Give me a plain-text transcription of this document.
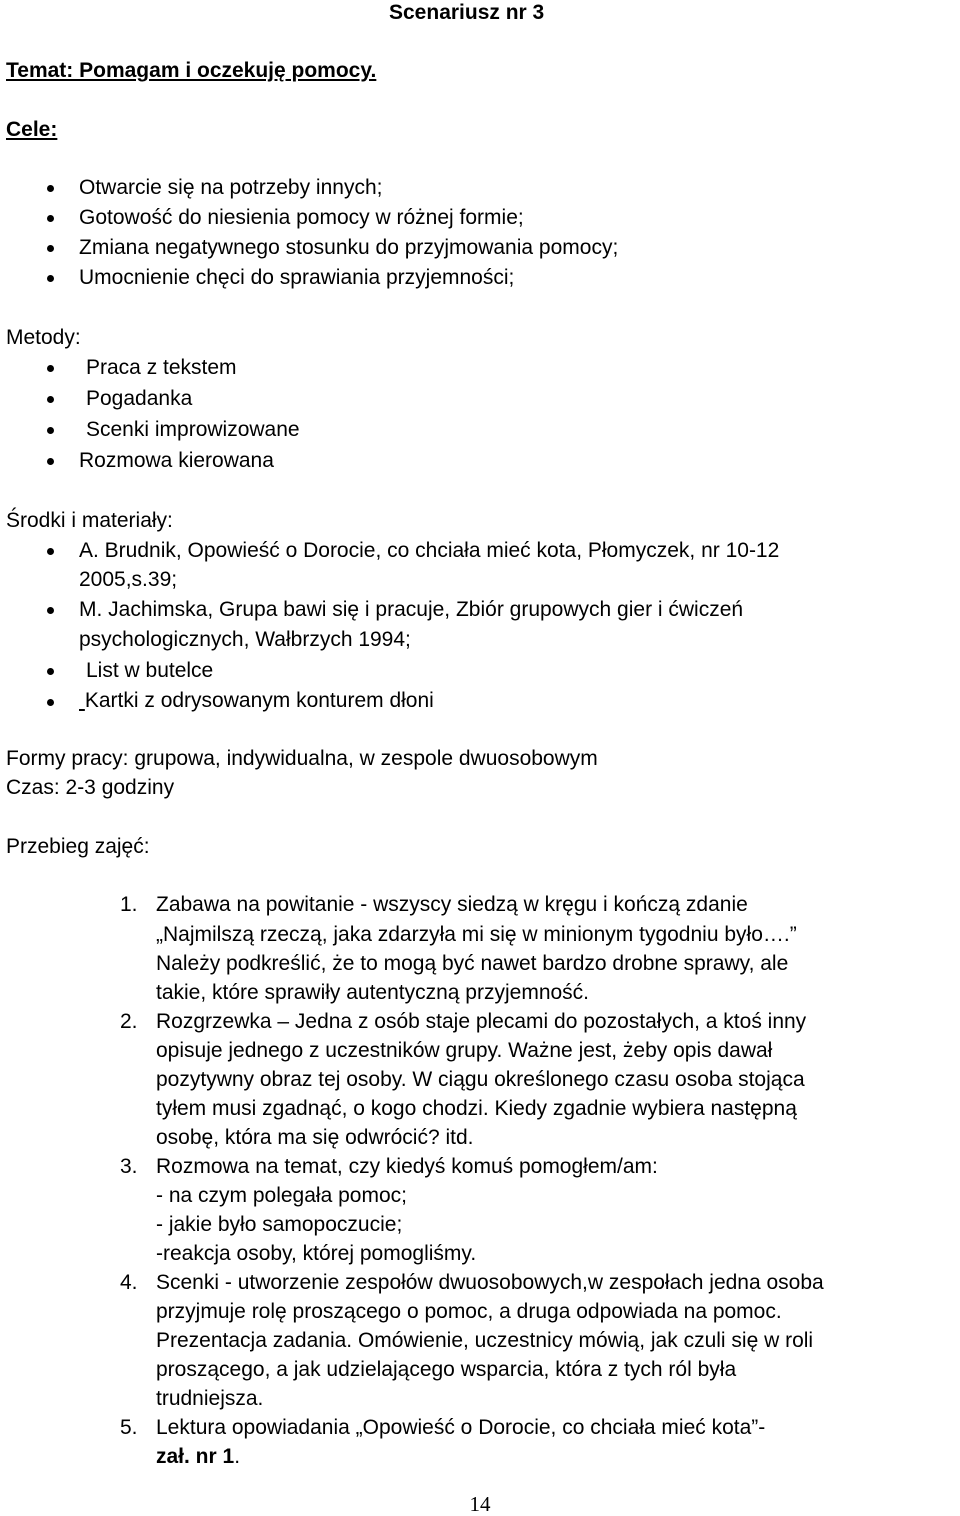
Scenariusz nr 3
Temat: Pomagam i oczekuję pomocy.
Cele:
Otwarcie się na potrzeby innych;
Gotowość do niesienia pomocy w różnej formie;
Zmiana negatywnego stosunku do przyjmowania pomocy;
Umocnienie chęci do sprawiania przyjemności;
Metody:
Praca z tekstem
Pogadanka
Scenki improwizowane
Rozmowa kierowana
Środki i materiały:
A. Brudnik, Opowieść o Dorocie, co chciała mieć kota, Płomyczek, nr 10-12
2005,s.39;
M. Jachimska, Grupa bawi się i pracuje, Zbiór grupowych gier i ćwiczeń
psychologicznych, Wałbrzych 1994;
List w butelce
Kartki z odrysowanym konturem dłoni
Formy pracy: grupowa, indywidualna, w zespole dwuosobowym
Czas: 2-3 godziny
Przebieg zajęć:
1. Zabawa na powitanie - wszyscy siedzą w kręgu i kończą zdanie
„Najmilszą rzeczą, jaka zdarzyła mi się w minionym tygodniu było….”
Należy podkreślić, że to mogą być nawet bardzo drobne sprawy, ale
takie, które sprawiły autentyczną przyjemność.
2. Rozgrzewka – Jedna z osób staje plecami do pozostałych, a ktoś inny
opisuje jednego z uczestników grupy. Ważne jest, żeby opis dawał
pozytywny obraz tej osoby. W ciągu określonego czasu osoba stojąca
tyłem musi zgadnąć, o kogo chodzi. Kiedy zgadnie wybiera następną
osobę, która ma się odwrócić? itd.
3. Rozmowa na temat, czy kiedyś komuś pomogłem/am:
- na czym polegała pomoc;
- jakie było samopoczucie;
-reakcja osoby, której pomogliśmy.
4. Scenki - utworzenie zespołów dwuosobowych,w zespołach jedna osoba
przyjmuje rolę proszącego o pomoc, a druga odpowiada na pomoc.
Prezentacja zadania. Omówienie, uczestnicy mówią, jak czuli się w roli
proszącego, a jak udzielającego wsparcia, która z tych ról była
trudniejsza.
5. Lektura opowiadania „Opowieść o Dorocie, co chciała mieć kota”-
zał. nr 1.
14
